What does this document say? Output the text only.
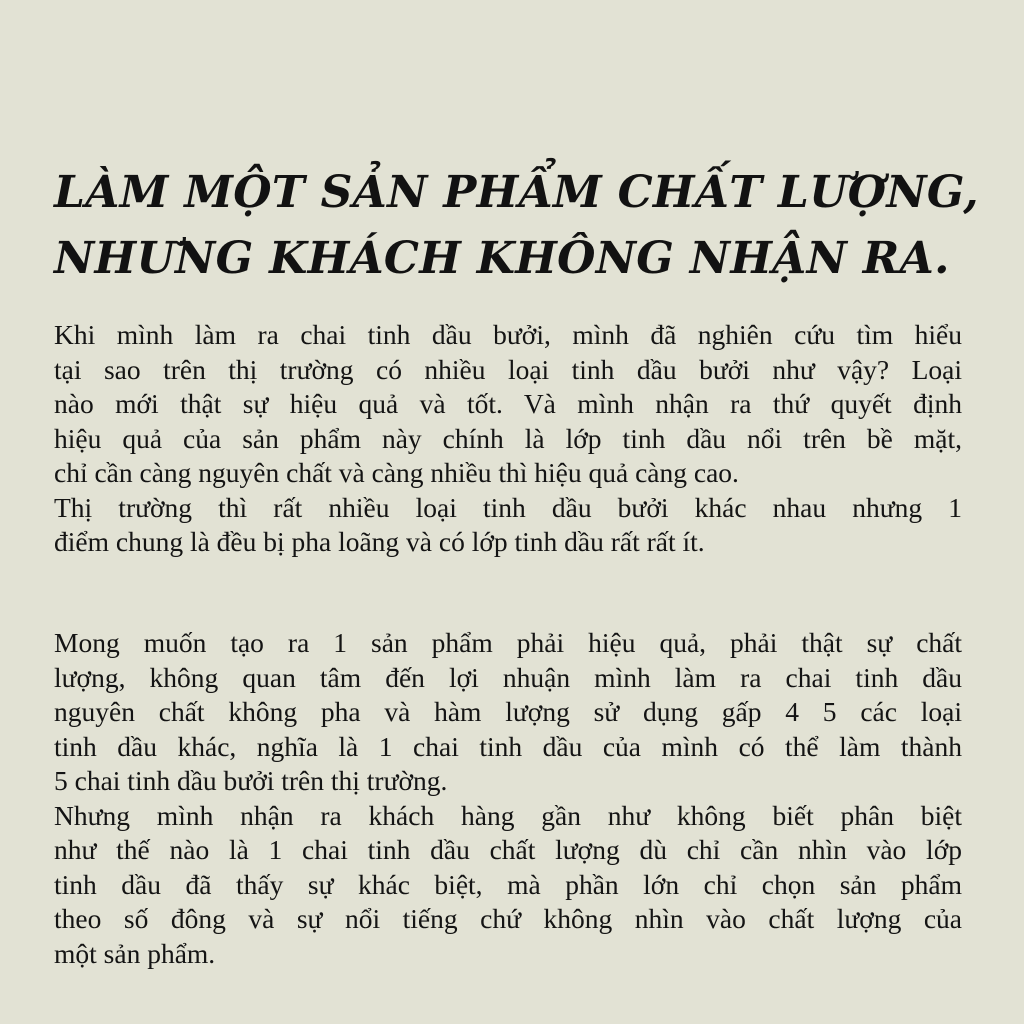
LÀM MỘT SẢN PHẨM CHẤT LƯỢNG,
NHƯNG KHÁCH KHÔNG NHẬN RA.
Khi mình làm ra chai tinh dầu bưởi, mình đã nghiên cứu tìm hiểu
tại sao trên thị trường có nhiều loại tinh dầu bưởi như vậy? Loại
nào mới thật sự hiệu quả và tốt. Và mình nhận ra thứ quyết định
hiệu quả của sản phẩm này chính là lớp tinh dầu nổi trên bề mặt,
chỉ cần càng nguyên chất và càng nhiều thì hiệu quả càng cao.
Thị trường thì rất nhiều loại tinh dầu bưởi khác nhau nhưng 1
điểm chung là đều bị pha loãng và có lớp tinh dầu rất rất ít.
Mong muốn tạo ra 1 sản phẩm phải hiệu quả, phải thật sự chất
lượng, không quan tâm đến lợi nhuận mình làm ra chai tinh dầu
nguyên chất không pha và hàm lượng sử dụng gấp 4 5 các loại
tinh dầu khác, nghĩa là 1 chai tinh dầu của mình có thể làm thành
5 chai tinh dầu bưởi trên thị trường.
Nhưng mình nhận ra khách hàng gần như không biết phân biệt
như thế nào là 1 chai tinh dầu chất lượng dù chỉ cần nhìn vào lớp
tinh dầu đã thấy sự khác biệt, mà phần lớn chỉ chọn sản phẩm
theo số đông và sự nổi tiếng chứ không nhìn vào chất lượng của
một sản phẩm.
